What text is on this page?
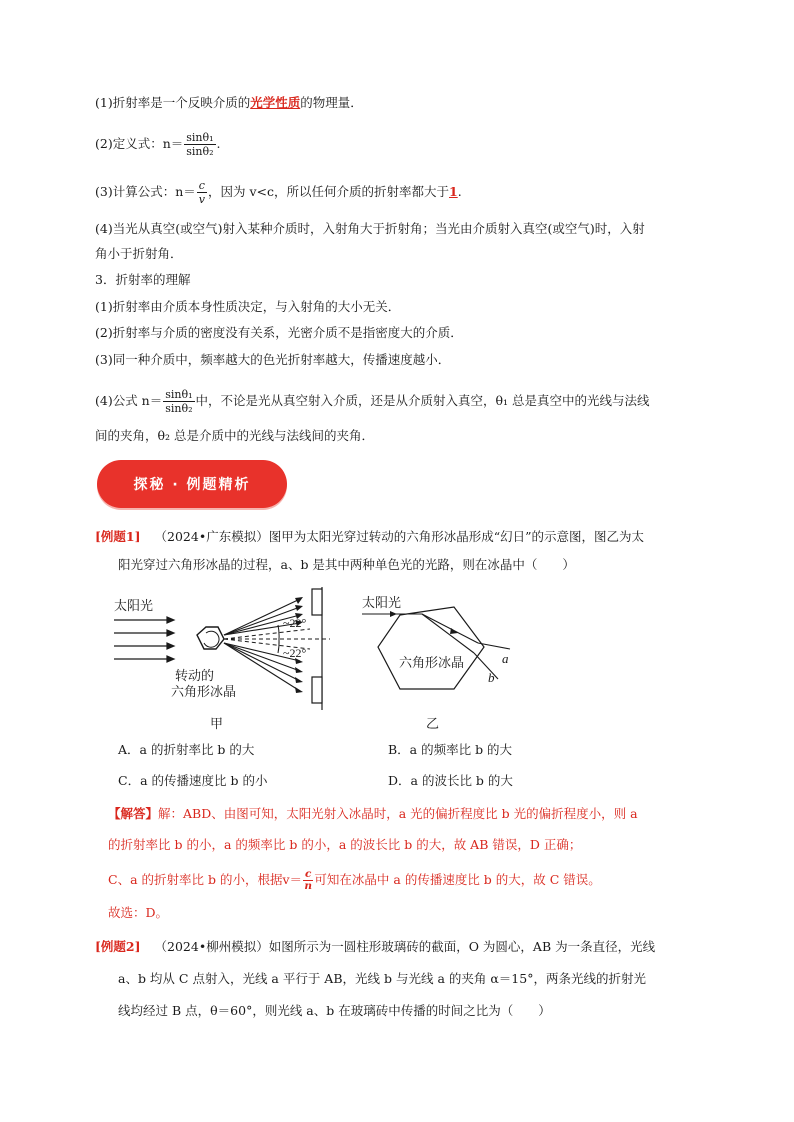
(1)折射率是一个反映介质的光学性质的物理量．
(2)定义式：$n= \frac{\text{sinθ₁}}{\text{sinθ₂}}$ .
(3)计算公式：$n= \frac{c}{v}$ ，因为 v<c，所以任何介质的折射率都大于 1 .
(4)当光从真空(或空气)射入某种介质时，入射角大于折射角；当光由介质射入真空(或空气)时，入射
角小于折射角．
3．折射率的理解
(1)折射率由介质本身性质决定，与入射角的大小无关．
(2)折射率与介质的密度没有关系，光密介质不是指密度大的介质．
(3)同一种介质中，频率越大的色光折射率越大，传播速度越小．
(4)公式 $n= \frac{\text{sinθ₁}}{\text{sinθ₂}}$ 中，不论是光从真空射入介质，还是从介质射入真空，θ₁ 总是真空中的光线与法线
间的夹角，θ₂ 总是介质中的光线与法线间的夹角．
探秘 · 例题精析
[例题1] （2024•广东模拟）图甲为太阳光穿过转动的六角形冰晶形成“幻日”的示意图，图乙为太
阳光穿过六角形冰晶的过程，a、b 是其中两种单色光的光路，则在冰晶中（　　）
太阳光
~22°
~22°
转动的
六角形冰晶
甲
太阳光
六角形冰晶	a
b
乙
A．a 的折射率比 b 的大	B．a 的频率比 b 的大
C．a 的传播速度比 b 的小	D．a 的波长比 b 的大
【解答】解：ABD、由图可知，太阳光射入冰晶时，a 光的偏折程度比 b 光的偏折程度小，则 a
的折射率比 b 的小，a 的频率比 b 的小，a 的波长比 b 的大，故 AB 错误，D 正确；
C、a 的折射率比 b 的小，根据$v= \frac{c}{n}$ 可知在冰晶中 a 的传播速度比 b 的大，故 C 错误。
故选：D。
[例题2] （2024•柳州模拟）如图所示为一圆柱形玻璃砖的截面，O 为圆心，AB 为一条直径，光线
a、b 均从 C 点射入，光线 a 平行于 AB，光线 b 与光线 a 的夹角 α＝15°，两条光线的折射光
线均经过 B 点，θ＝60°，则光线 a、b 在玻璃砖中传播的时间之比为（　　）
